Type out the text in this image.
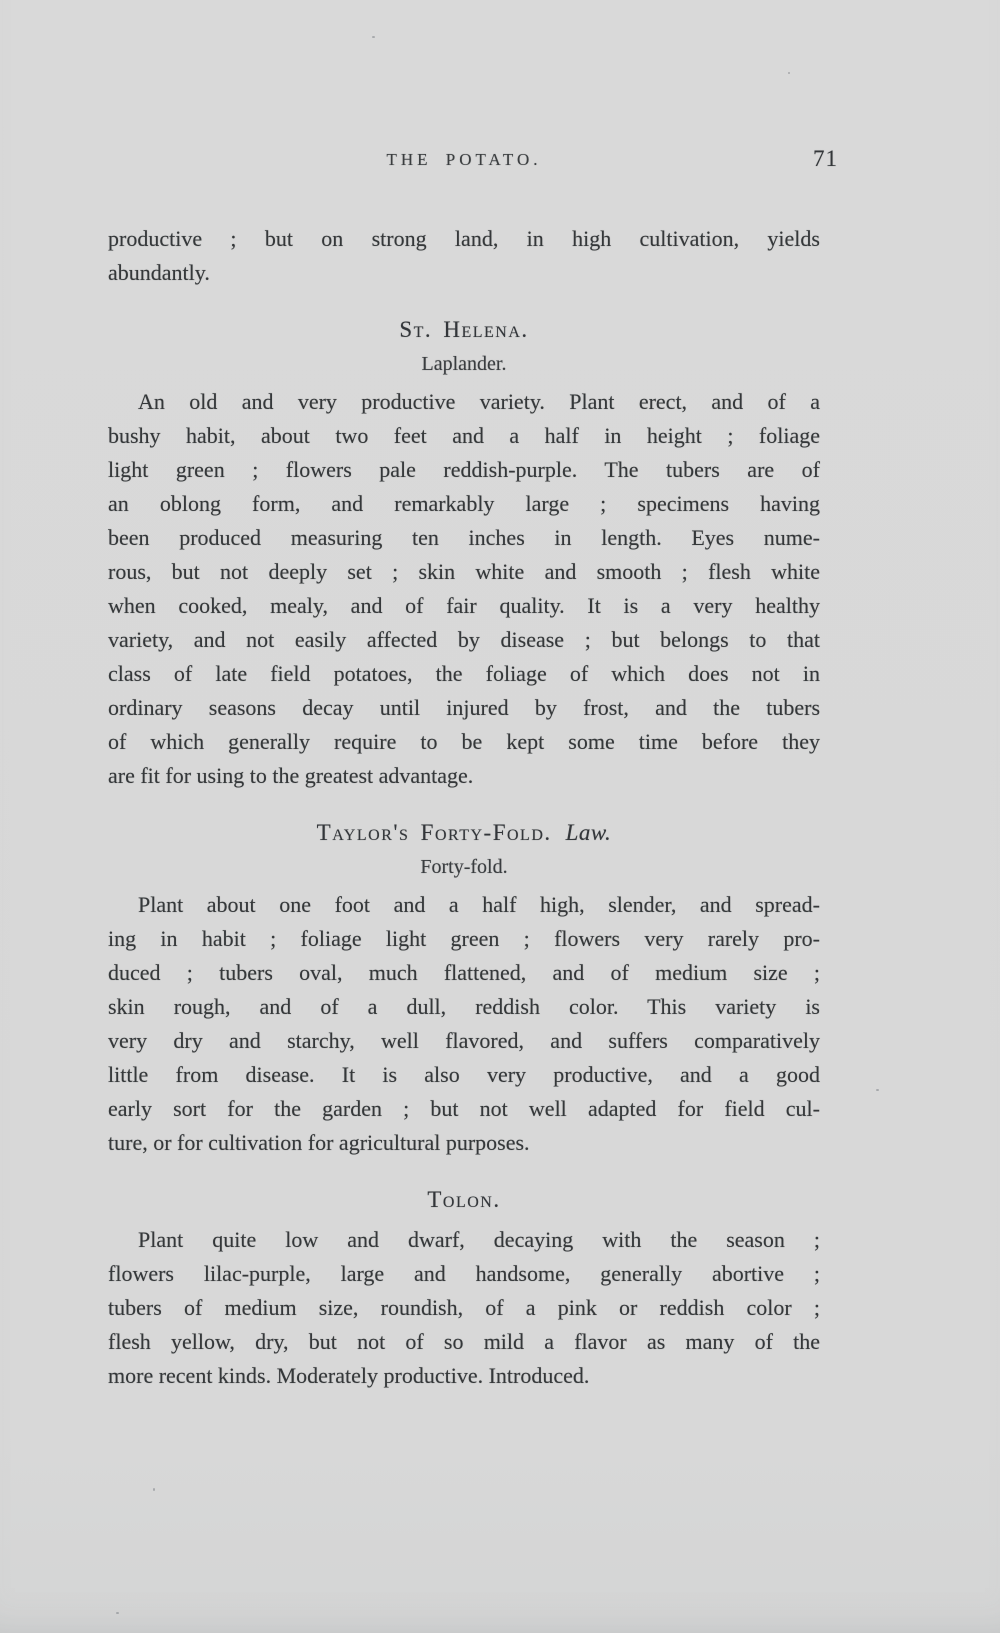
THE POTATO.	71
productive ; but on strong land, in high cultivation, yields
abundantly.
St. Helena.
Laplander.
An old and very productive variety. Plant erect, and of a
bushy habit, about two feet and a half in height ; foliage
light green ; flowers pale reddish-purple. The tubers are of
an oblong form, and remarkably large ; specimens having
been produced measuring ten inches in length. Eyes nume-
rous, but not deeply set ; skin white and smooth ; flesh white
when cooked, mealy, and of fair quality. It is a very healthy
variety, and not easily affected by disease ; but belongs to that
class of late field potatoes, the foliage of which does not in
ordinary seasons decay until injured by frost, and the tubers
of which generally require to be kept some time before they
are fit for using to the greatest advantage.
Taylor's Forty-Fold. Law.
Forty-fold.
Plant about one foot and a half high, slender, and spread-
ing in habit ; foliage light green ; flowers very rarely pro-
duced ; tubers oval, much flattened, and of medium size ;
skin rough, and of a dull, reddish color. This variety is
very dry and starchy, well flavored, and suffers comparatively
little from disease. It is also very productive, and a good
early sort for the garden ; but not well adapted for field cul-
ture, or for cultivation for agricultural purposes.
Tolon.
Plant quite low and dwarf, decaying with the season ;
flowers lilac-purple, large and handsome, generally abortive ;
tubers of medium size, roundish, of a pink or reddish color ;
flesh yellow, dry, but not of so mild a flavor as many of the
more recent kinds. Moderately productive. Introduced.
